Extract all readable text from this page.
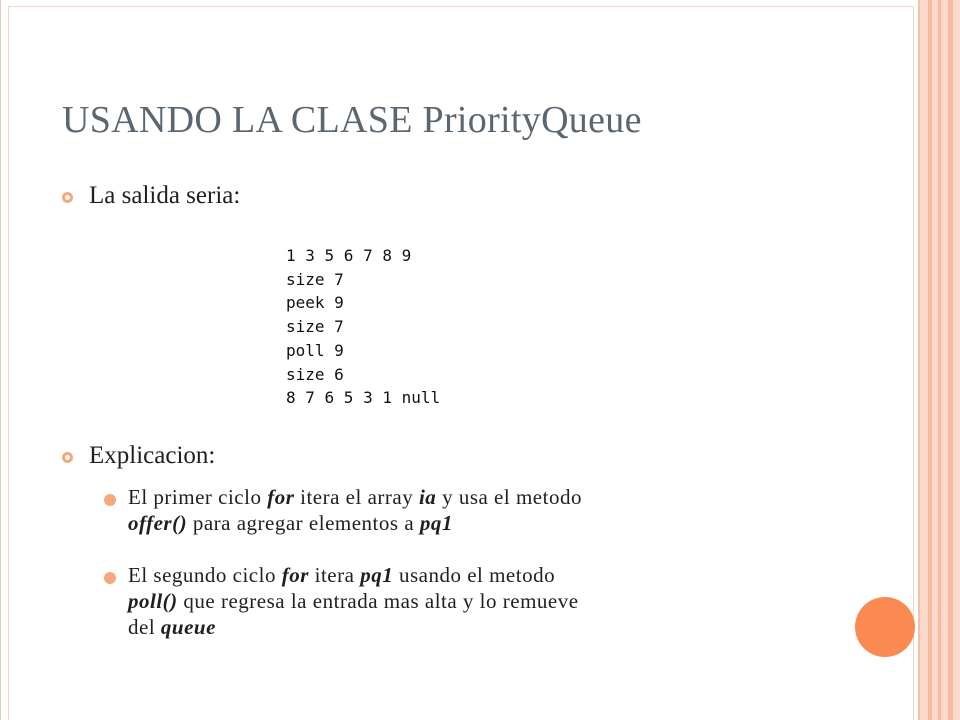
USANDO LA CLASE PriorityQueue
La salida seria:
1 3 5 6 7 8 9
size 7
peek 9
size 7
poll 9
size 6
8 7 6 5 3 1 null
Explicacion:
El primer ciclo for itera el array ia y usa el metodo
offer() para agregar elementos a pq1
El segundo ciclo for itera pq1 usando el metodo
poll() que regresa la entrada mas alta y lo remueve
del queue
